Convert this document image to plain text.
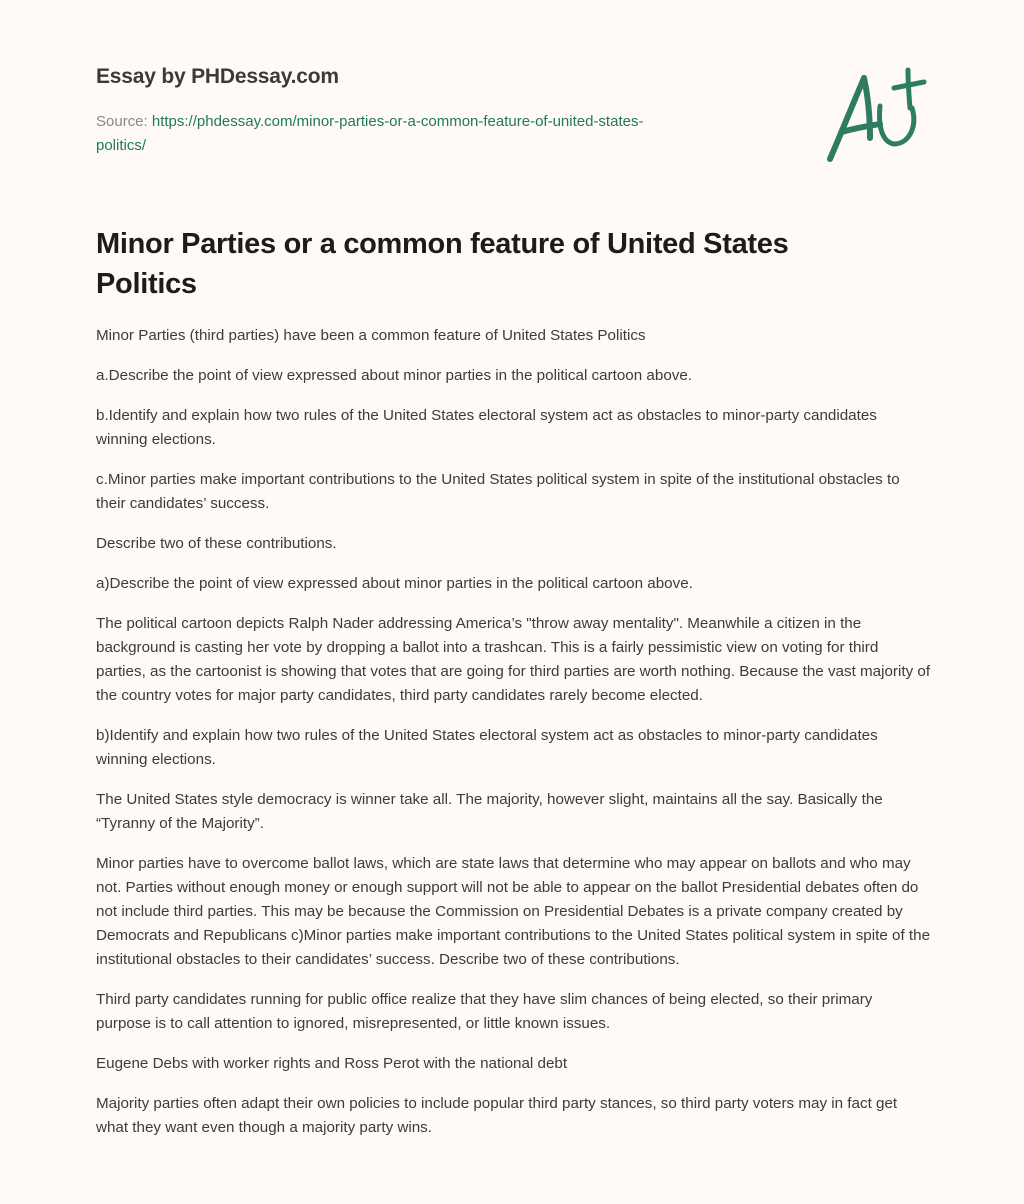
Essay by PHDessay.com
Source: https://phdessay.com/minor-parties-or-a-common-feature-of-united-states-
politics/
Minor Parties or a common feature of United States Politics

Minor Parties (third parties) have been a common feature of United States Politics

a.Describe the point of view expressed about minor parties in the political cartoon above.

b.Identify and explain how two rules of the United States electoral system act as obstacles to minor-party candidates winning elections.

c.Minor parties make important contributions to the United States political system in spite of the institutional obstacles to their candidates’ success.

Describe two of these contributions.

a)Describe the point of view expressed about minor parties in the political cartoon above.

The political cartoon depicts Ralph Nader addressing America’s "throw away mentality". Meanwhile a citizen in the background is casting her vote by dropping a ballot into a trashcan. This is a fairly pessimistic view on voting for third parties, as the cartoonist is showing that votes that are going for third parties are worth nothing. Because the vast majority of the country votes for major party candidates, third party candidates rarely become elected.

b)Identify and explain how two rules of the United States electoral system act as obstacles to minor-party candidates winning elections.

The United States style democracy is winner take all. The majority, however slight, maintains all the say. Basically the “Tyranny of the Majority”.

Minor parties have to overcome ballot laws, which are state laws that determine who may appear on ballots and who may not. Parties without enough money or enough support will not be able to appear on the ballot Presidential debates often do not include third parties. This may be because the Commission on Presidential Debates is a private company created by Democrats and Republicans c)Minor parties make important contributions to the United States political system in spite of the institutional obstacles to their candidates’ success. Describe two of these contributions.

Third party candidates running for public office realize that they have slim chances of being elected, so their primary purpose is to call attention to ignored, misrepresented, or little known issues.

Eugene Debs with worker rights and Ross Perot with the national debt

Majority parties often adapt their own policies to include popular third party stances, so third party voters may in fact get what they want even though a majority party wins.
